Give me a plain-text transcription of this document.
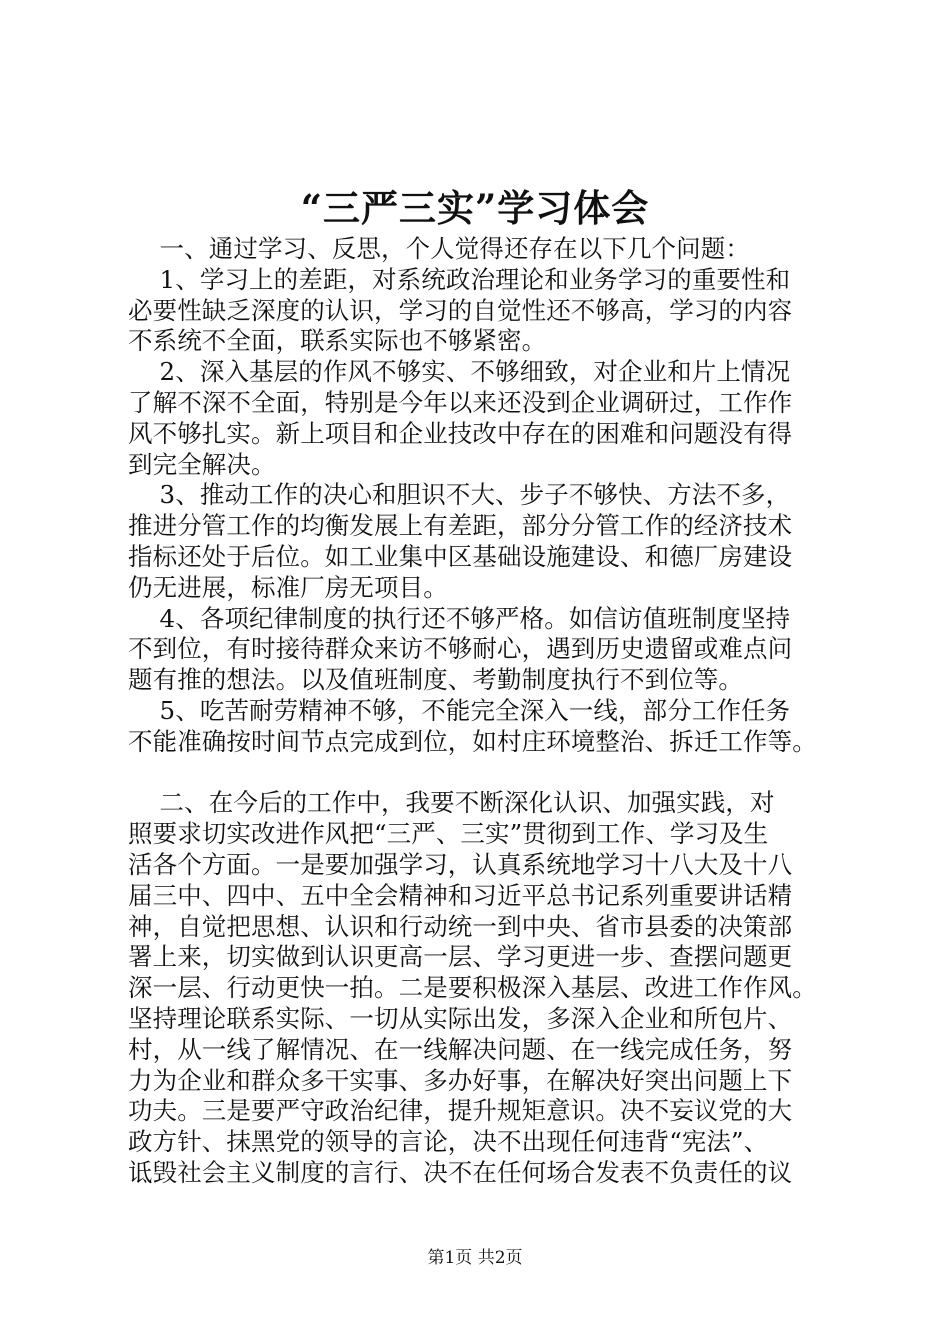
“三严三实”学习体会
一、通过学习、反思，个人觉得还存在以下几个问题：
1、学习上的差距，对系统政治理论和业务学习的重要性和
必要性缺乏深度的认识，学习的自觉性还不够高，学习的内容
不系统不全面，联系实际也不够紧密。
2、深入基层的作风不够实、不够细致，对企业和片上情况
了解不深不全面，特别是今年以来还没到企业调研过，工作作
风不够扎实。新上项目和企业技改中存在的困难和问题没有得
到完全解决。
3、推动工作的决心和胆识不大、步子不够快、方法不多，
推进分管工作的均衡发展上有差距，部分分管工作的经济技术
指标还处于后位。如工业集中区基础设施建设、和德厂房建设
仍无进展，标准厂房无项目。
4、各项纪律制度的执行还不够严格。如信访值班制度坚持
不到位，有时接待群众来访不够耐心，遇到历史遗留或难点问
题有推的想法。以及值班制度、考勤制度执行不到位等。
5、吃苦耐劳精神不够，不能完全深入一线，部分工作任务
不能准确按时间节点完成到位，如村庄环境整治、拆迁工作等。
二、在今后的工作中，我要不断深化认识、加强实践，对
照要求切实改进作风把“三严、三实”贯彻到工作、学习及生
活各个方面。一是要加强学习，认真系统地学习十八大及十八
届三中、四中、五中全会精神和习近平总书记系列重要讲话精
神，自觉把思想、认识和行动统一到中央、省市县委的决策部
署上来，切实做到认识更高一层、学习更进一步、查摆问题更
深一层、行动更快一拍。二是要积极深入基层、改进工作作风。
坚持理论联系实际、一切从实际出发，多深入企业和所包片、
村，从一线了解情况、在一线解决问题、在一线完成任务，努
力为企业和群众多干实事、多办好事，在解决好突出问题上下
功夫。三是要严守政治纪律，提升规矩意识。决不妄议党的大
政方针、抹黑党的领导的言论，决不出现任何违背“宪法”、
诋毁社会主义制度的言行、决不在任何场合发表不负责任的议
第1页 共2页
